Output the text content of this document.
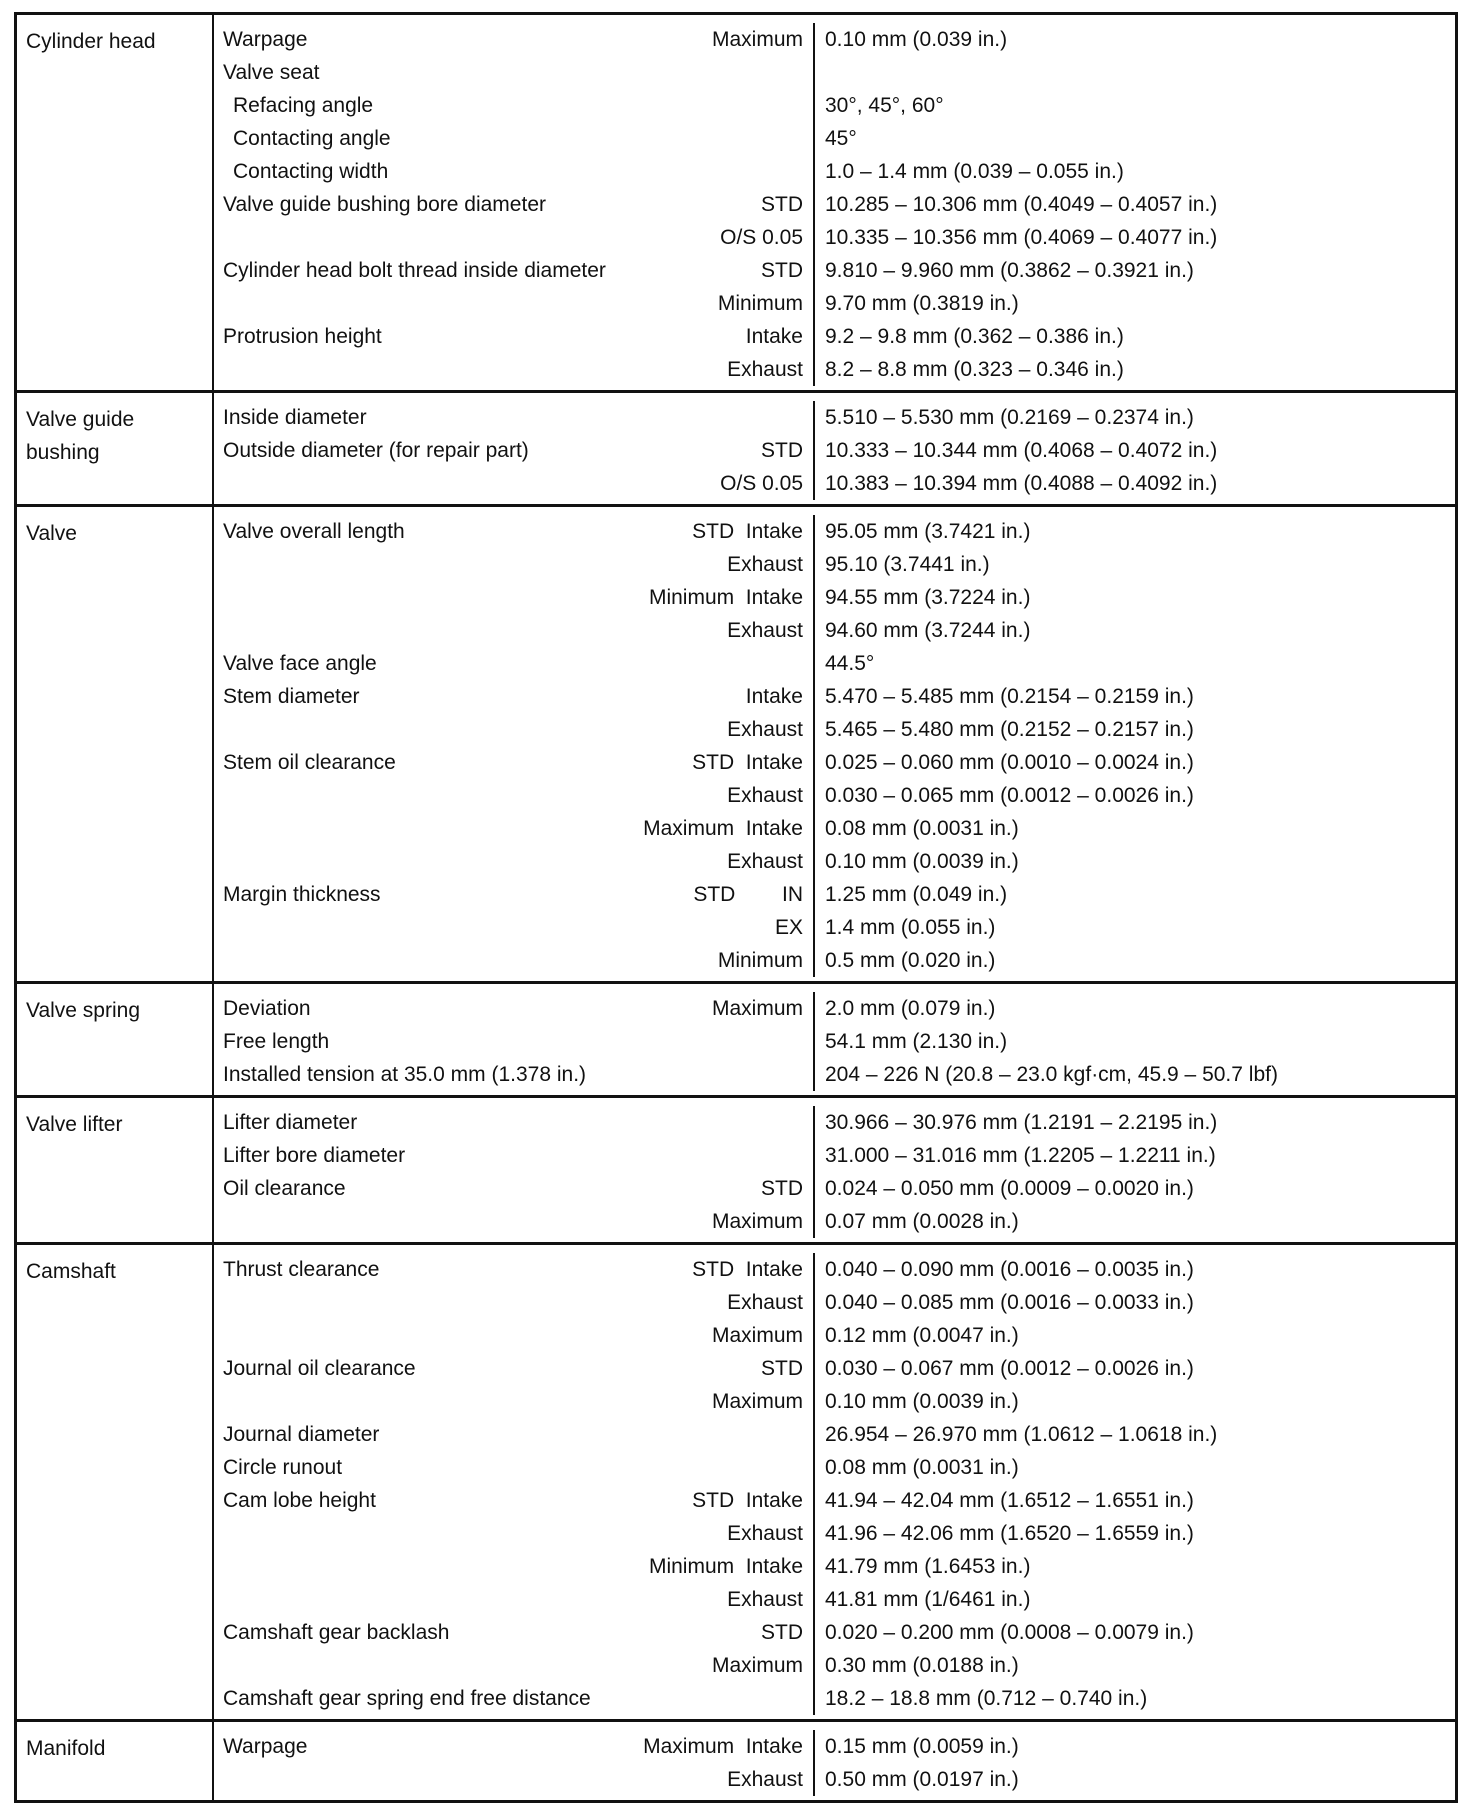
Cylinder head	Warpage	Maximum	0.10 mm (0.039 in.)
Valve seat
Refacing angle	30°, 45°, 60°
Contacting angle	45°
Contacting width	1.0 – 1.4 mm (0.039 – 0.055 in.)
Valve guide bushing bore diameter	STD	10.285 – 10.306 mm (0.4049 – 0.4057 in.)
O/S 0.05	10.335 – 10.356 mm (0.4069 – 0.4077 in.)
Cylinder head bolt thread inside diameter	STD	9.810 – 9.960 mm (0.3862 – 0.3921 in.)
Minimum	9.70 mm (0.3819 in.)
Protrusion height	Intake	9.2 – 9.8 mm (0.362 – 0.386 in.)
Exhaust	8.2 – 8.8 mm (0.323 – 0.346 in.)
Valve guide bushing
Inside diameter	5.510 – 5.530 mm (0.2169 – 0.2374 in.)
Outside diameter (for repair part)	STD	10.333 – 10.344 mm (0.4068 – 0.4072 in.)
O/S 0.05	10.383 – 10.394 mm (0.4088 – 0.4092 in.)
Valve	Valve overall length	STD  Intake	95.05 mm (3.7421 in.)
Exhaust	95.10 (3.7441 in.)
Minimum  Intake	94.55 mm (3.7224 in.)
Exhaust	94.60 mm (3.7244 in.)
Valve face angle	44.5°
Stem diameter	Intake	5.470 – 5.485 mm (0.2154 – 0.2159 in.)
Exhaust	5.465 – 5.480 mm (0.2152 – 0.2157 in.)
Stem oil clearance	STD  Intake	0.025 – 0.060 mm (0.0010 – 0.0024 in.)
Exhaust	0.030 – 0.065 mm (0.0012 – 0.0026 in.)
Maximum  Intake	0.08 mm (0.0031 in.)
Exhaust	0.10 mm (0.0039 in.)
Margin thickness	STD        IN	1.25 mm (0.049 in.)
EX	1.4 mm (0.055 in.)
Minimum	0.5 mm (0.020 in.)
Valve spring	Deviation	Maximum	2.0 mm (0.079 in.)
Free length	54.1 mm (2.130 in.)
Installed tension at 35.0 mm (1.378 in.)	204 – 226 N (20.8 – 23.0 kgf·cm, 45.9 – 50.7 lbf)
Valve lifter	Lifter diameter	30.966 – 30.976 mm (1.2191 – 2.2195 in.)
Lifter bore diameter	31.000 – 31.016 mm (1.2205 – 1.2211 in.)
Oil clearance	STD	0.024 – 0.050 mm (0.0009 – 0.0020 in.)
Maximum	0.07 mm (0.0028 in.)
Camshaft	Thrust clearance	STD  Intake	0.040 – 0.090 mm (0.0016 – 0.0035 in.)
Exhaust	0.040 – 0.085 mm (0.0016 – 0.0033 in.)
Maximum	0.12 mm (0.0047 in.)
Journal oil clearance	STD	0.030 – 0.067 mm (0.0012 – 0.0026 in.)
Maximum	0.10 mm (0.0039 in.)
Journal diameter	26.954 – 26.970 mm (1.0612 – 1.0618 in.)
Circle runout	0.08 mm (0.0031 in.)
Cam lobe height	STD  Intake	41.94 – 42.04 mm (1.6512 – 1.6551 in.)
Exhaust	41.96 – 42.06 mm (1.6520 – 1.6559 in.)
Minimum  Intake	41.79 mm (1.6453 in.)
Exhaust	41.81 mm (1/6461 in.)
Camshaft gear backlash	STD	0.020 – 0.200 mm (0.0008 – 0.0079 in.)
Maximum	0.30 mm (0.0188 in.)
Camshaft gear spring end free distance	18.2 – 18.8 mm (0.712 – 0.740 in.)
Manifold	Warpage	Maximum  Intake	0.15 mm (0.0059 in.)
Exhaust	0.50 mm (0.0197 in.)
